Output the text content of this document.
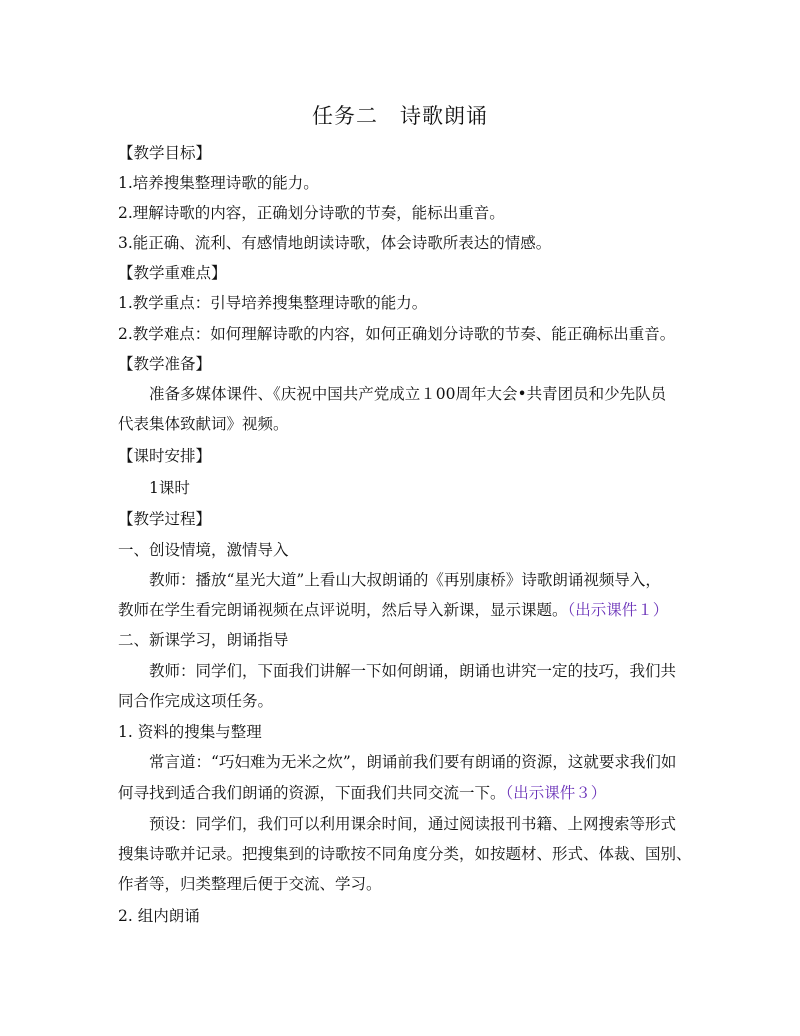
任务二 诗歌朗诵
【教学目标】
1.培养搜集整理诗歌的能力。
2.理解诗歌的内容，正确划分诗歌的节奏，能标出重音。
3.能正确、流利、有感情地朗读诗歌，体会诗歌所表达的情感。
【教学重难点】
1.教学重点：引导培养搜集整理诗歌的能力。
2.教学难点：如何理解诗歌的内容，如何正确划分诗歌的节奏、能正确标出重音。
【教学准备】
准备多媒体课件、《庆祝中国共产党成立１00周年大会•共青团员和少先队员
代表集体致献词》视频。
【课时安排】
1课时
【教学过程】
一、创设情境，激情导入
教师：播放“星光大道”上看山大叔朗诵的《再别康桥》诗歌朗诵视频导入，
教师在学生看完朗诵视频在点评说明，然后导入新课，显示课题。（出示课件１）
二、新课学习，朗诵指导
教师：同学们，下面我们讲解一下如何朗诵，朗诵也讲究一定的技巧，我们共
同合作完成这项任务。
1. 资料的搜集与整理
常言道：“巧妇难为无米之炊”，朗诵前我们要有朗诵的资源，这就要求我们如
何寻找到适合我们朗诵的资源，下面我们共同交流一下。（出示课件３）
预设：同学们，我们可以利用课余时间，通过阅读报刊书籍、上网搜索等形式
搜集诗歌并记录。把搜集到的诗歌按不同角度分类，如按题材、形式、体裁、国别、
作者等，归类整理后便于交流、学习。
2. 组内朗诵
